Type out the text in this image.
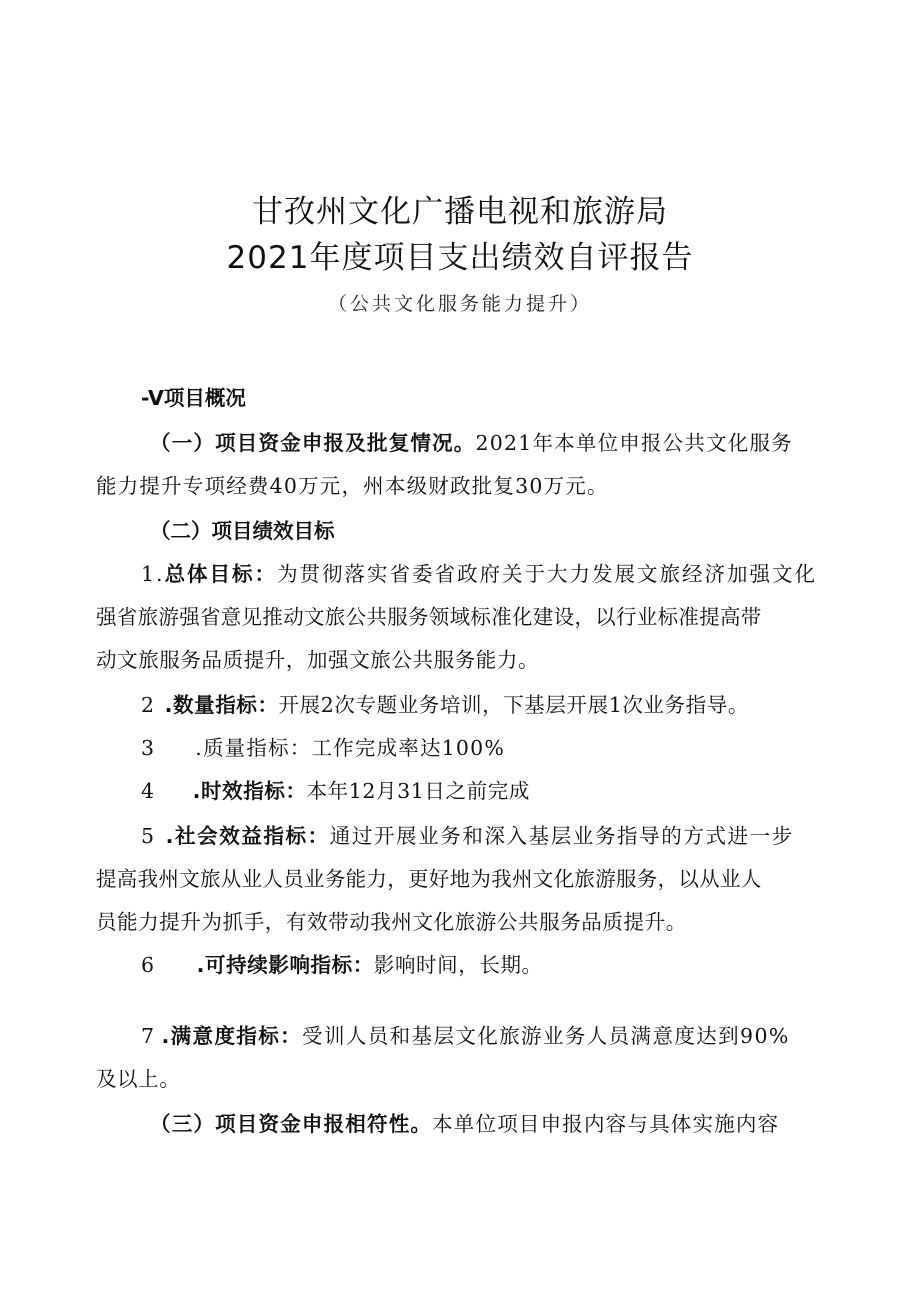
甘孜州文化广播电视和旅游局
2021年度项目支出绩效自评报告
（公共文化服务能力提升）
-V项目概况
（一）项目资金申报及批复情况。2021年本单位申报公共文化服务
能力提升专项经费40万元，州本级财政批复30万元。
（二）项目绩效目标
1.总体目标：为贯彻落实省委省政府关于大力发展文旅经济加强文化
强省旅游强省意见推动文旅公共服务领域标准化建设，以行业标准提高带
动文旅服务品质提升，加强文旅公共服务能力。
2 .数量指标：开展2次专题业务培训，下基层开展1次业务指导。
3 .质量指标：工作完成率达100%
4 .时效指标：本年12月31日之前完成
5 .社会效益指标：通过开展业务和深入基层业务指导的方式进一步
提高我州文旅从业人员业务能力，更好地为我州文化旅游服务，以从业人
员能力提升为抓手，有效带动我州文化旅游公共服务品质提升。
6 .可持续影响指标：影响时间，长期。
7 .满意度指标：受训人员和基层文化旅游业务人员满意度达到90%
及以上。
（三）项目资金申报相符性。本单位项目申报内容与具体实施内容
